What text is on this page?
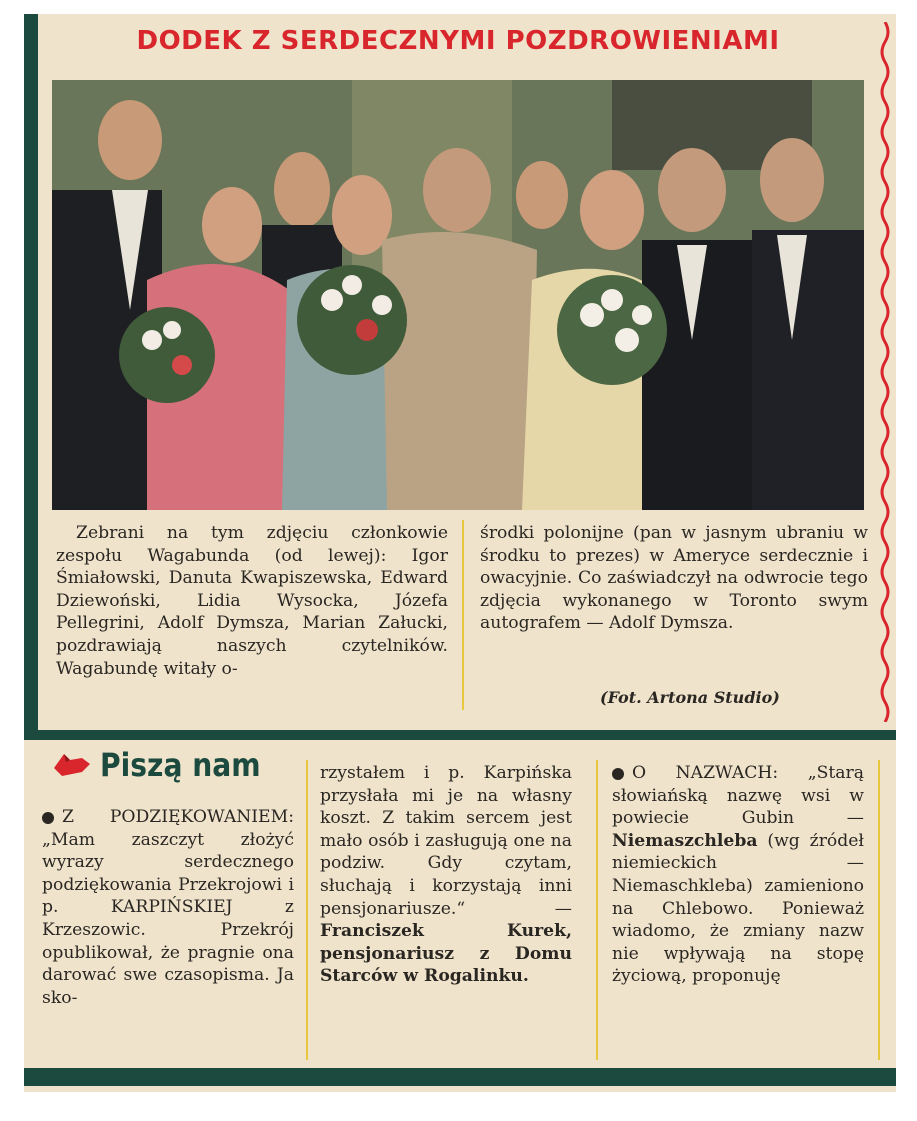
DODEK Z SERDECZNYMI POZDROWIENIAMI
Zebrani na tym zdjęciu członkowie zespołu Wagabunda (od lewej): Igor Śmiałowski, Danuta Kwapiszewska, Edward Dziewoński, Lidia Wysocka, Józefa Pellegrini, Adolf Dymsza, Marian Załucki, pozdrawiają naszych czytelników. Wagabundę witały o-
środki polonijne (pan w jasnym ubraniu w środku to prezes) w Ameryce serdecznie i owacyjnie. Co zaświadczył na odwrocie tego zdjęcia wykonanego w Toronto swym autografem — Adolf Dymsza.
(Fot. Artona Studio)
Piszą nam
Z PODZIĘKOWANIEM: „Mam zaszczyt złożyć wyrazy serdecznego podziękowania Przekrojowi i p. KARPIŃSKIEJ z Krzeszowic. Przekrój opublikował, że pragnie ona darować swe czasopisma. Ja sko-
rzystałem i p. Karpińska przysłała mi je na własny koszt. Z takim sercem jest mało osób i zasługują one na podziw. Gdy czytam, słuchają i korzystają inni pensjonariusze.“ — Franciszek Kurek, pensjonariusz z Domu Starców w Rogalinku.
O NAZWACH: „Starą słowiańską nazwę wsi w powiecie Gubin — Niemaszchleba (wg źródeł niemieckich — Niemaschkleba) zamieniono na Chlebowo. Ponieważ wiadomo, że zmiany nazw nie wpływają na stopę życiową, proponuję
